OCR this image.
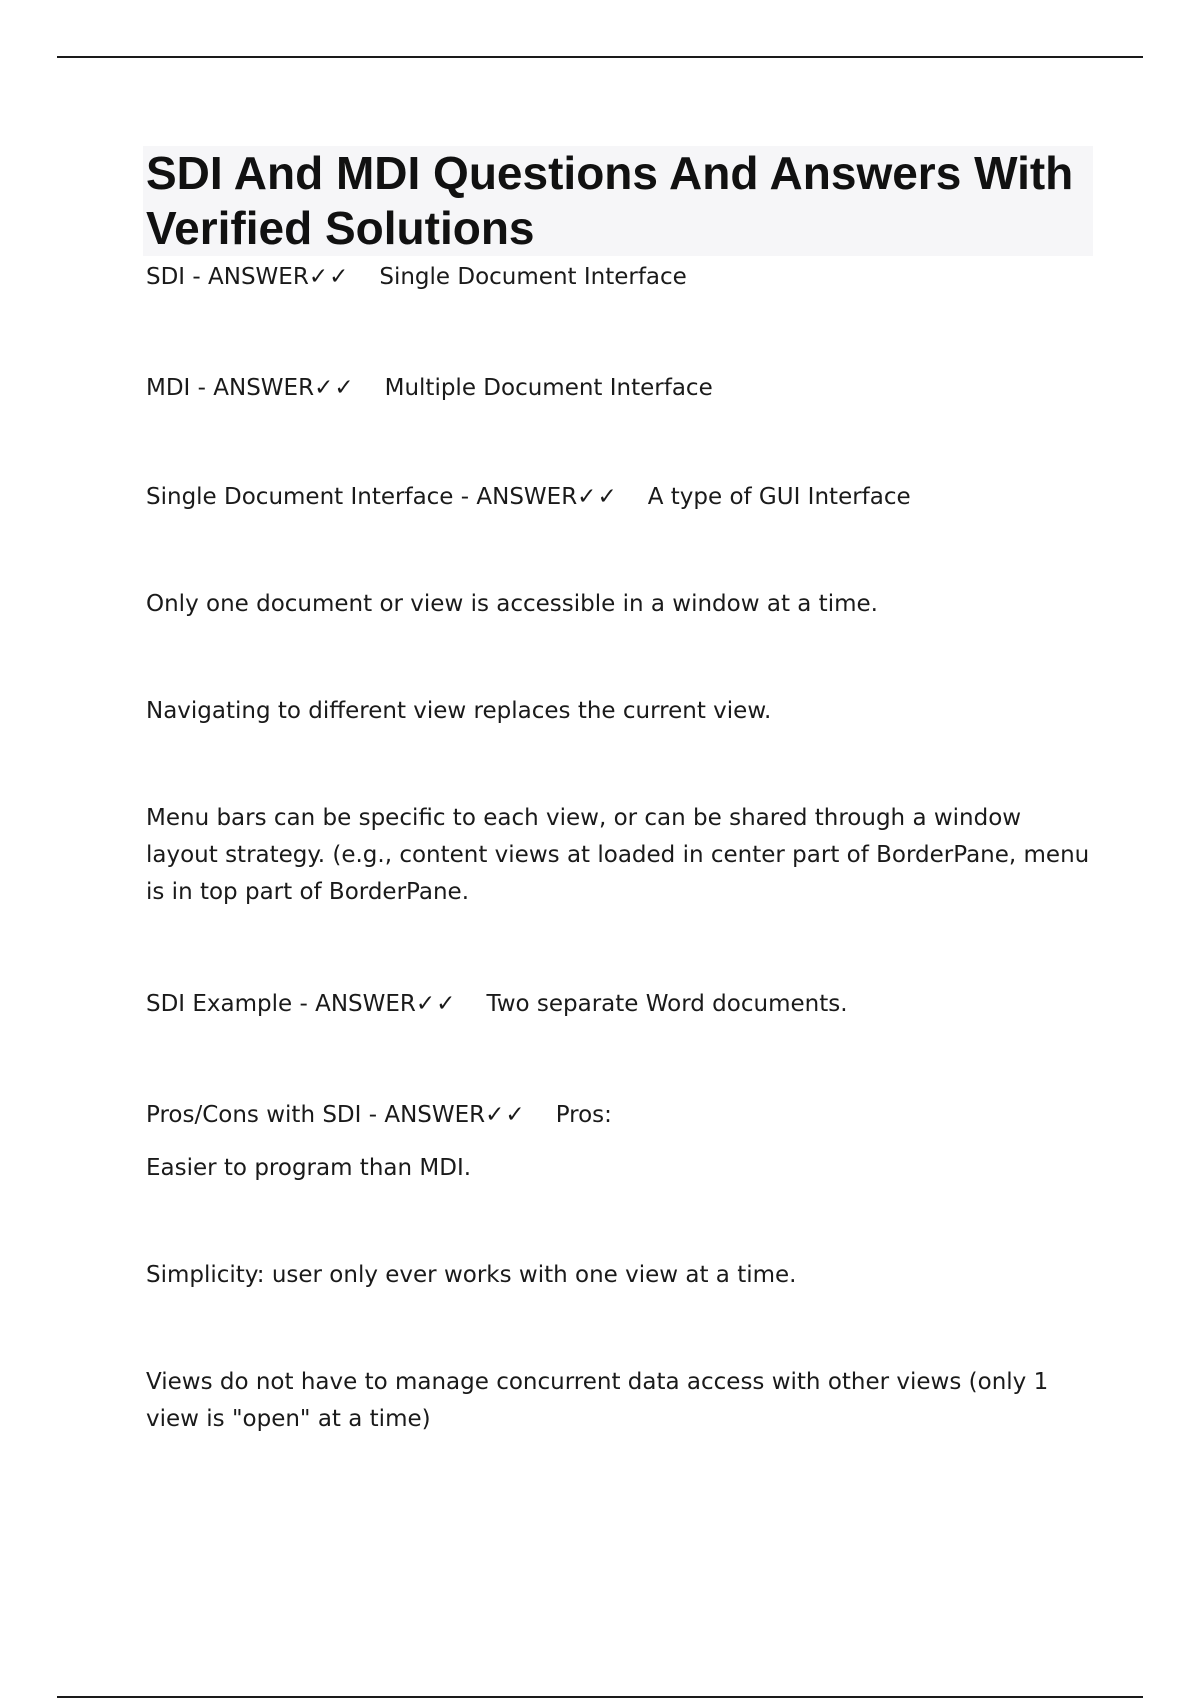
SDI And MDI Questions And Answers With Verified Solutions
SDI - ANSWER✓✓ Single Document Interface
MDI - ANSWER✓✓ Multiple Document Interface
Single Document Interface - ANSWER✓✓ A type of GUI Interface
Only one document or view is accessible in a window at a time.
Navigating to different view replaces the current view.
Menu bars can be specific to each view, or can be shared through a window layout strategy. (e.g., content views at loaded in center part of BorderPane, menu is in top part of BorderPane.
SDI Example - ANSWER✓✓ Two separate Word documents.
Pros/Cons with SDI - ANSWER✓✓ Pros:
Easier to program than MDI.
Simplicity: user only ever works with one view at a time.
Views do not have to manage concurrent data access with other views (only 1 view is "open" at a time)
